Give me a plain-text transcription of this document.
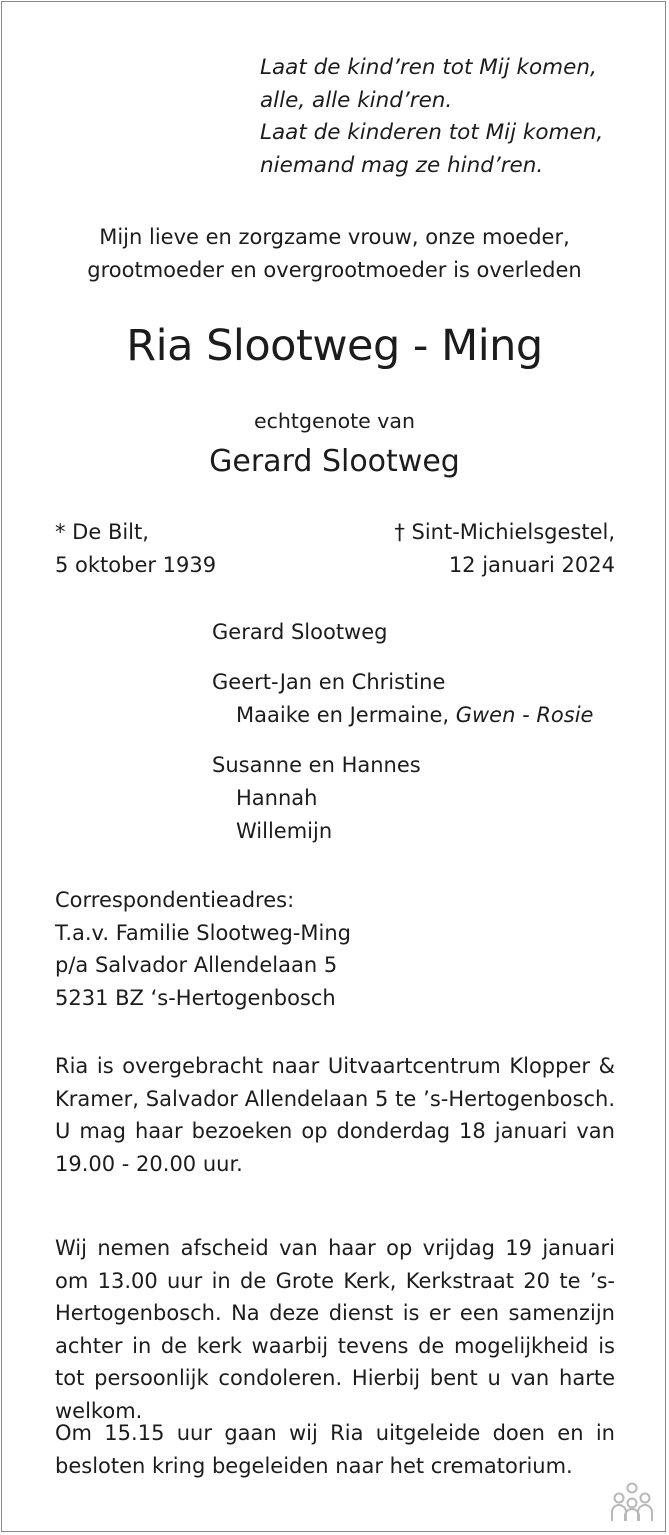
Laat de kind’ren tot Mij komen,
alle, alle kind’ren.
Laat de kinderen tot Mij komen,
niemand mag ze hind’ren.
Mijn lieve en zorgzame vrouw, onze moeder,
grootmoeder en overgrootmoeder is overleden
Ria Slootweg - Ming
echtgenote van
Gerard Slootweg
* De Bilt,
5 oktober 1939
† Sint-Michielsgestel,
12 januari 2024
Gerard Slootweg
Geert-Jan en Christine
Maaike en Jermaine, Gwen - Rosie
Susanne en Hannes
Hannah
Willemijn
Correspondentieadres:
T.a.v. Familie Slootweg-Ming
p/a Salvador Allendelaan 5
5231 BZ ‘s-Hertogenbosch
Ria is overgebracht naar Uitvaartcentrum Klopper & Kramer, Salvador Allendelaan 5 te ’s-Hertogenbosch. U mag haar bezoeken op donderdag 18 januari van 19.00 - 20.00 uur.
Wij nemen afscheid van haar op vrijdag 19 januari om 13.00 uur in de Grote Kerk, Kerkstraat 20 te ’s-Hertogenbosch. Na deze dienst is er een samenzijn achter in de kerk waarbij tevens de mogelijkheid is tot persoonlijk condoleren. Hierbij bent u van harte welkom.
Om 15.15 uur gaan wij Ria uitgeleide doen en in besloten kring begeleiden naar het crematorium.
